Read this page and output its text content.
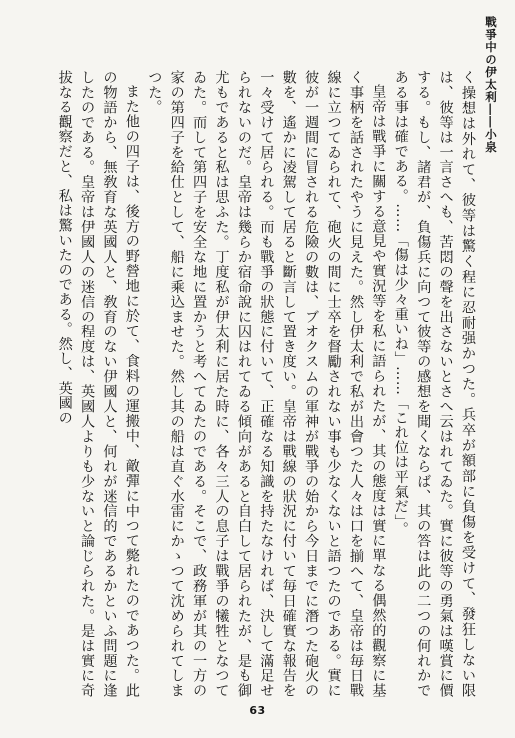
戰爭中の伊太利――小泉

く操想は外れて、彼等は驚く程に忍耐强かつた。兵卒が額部に負傷を受けて、發狂しない限は、彼等は一言さへも、苦悶の聲を出さないとさへ云はれてゐた。實に彼等の勇氣は嘆賞に價する。もし、諸君が、負傷兵に向つて彼等の感想を聞くならば、其の答は此の二つの何れかである事は確である。……「傷は少々重いね」……「これ位は平氣だ」。

皇帝は戰爭に關する意見や實況等を私に語られたが、其の態度は實に單なる偶然的觀察に基く事柄を話されたやうに見えた。然し伊太利で私が出會つた人々は口を揃へて、皇帝は毎日戰線に立つてゐられて、砲火の間に士卒を督勵されない事も少なくないと語つたのである。實に彼が一週間に冒される危險の數は、ブオクスムの軍神が戰爭の始から今日までに潛つた砲火の數を、遙かに凌駕して居ると斷言して置き度い。皇帝は戰線の狀況に付いて毎日確實な報告を一々受けて居られる。而も戰爭の狀態に付いて、正確なる知識を持たなければ、決して滿足せられないのだ。皇帝は幾らか宿命說に囚はれてゐる傾向があると自白して居られたが、是も御尤もであると私は思ふた。丁度私が伊太利に居た時に、各々三人の息子は戰爭の犧牲となつてゐた。而して第四子を安全な地に置かうと考へてゐたのである。そこで、政務軍が其の一方の家の第四子を給仕として、船に乘込ませた。然し其の船は直ぐ水雷にかゝつて沈められてしまつた。

また他の四子は、後方の野營地に於て、食料の運搬中、敵彈に中つて斃れたのであつた。此の物語から、無敎育な英國人と、敎育のない伊國人と、何れが迷信的であるかといふ問題に逢したのである。皇帝は伊國人の迷信の程度は、英國人よりも少ないと論じられた。是は實に奇拔なる觀察だと、私は驚いたのである。然し、英國の

63
